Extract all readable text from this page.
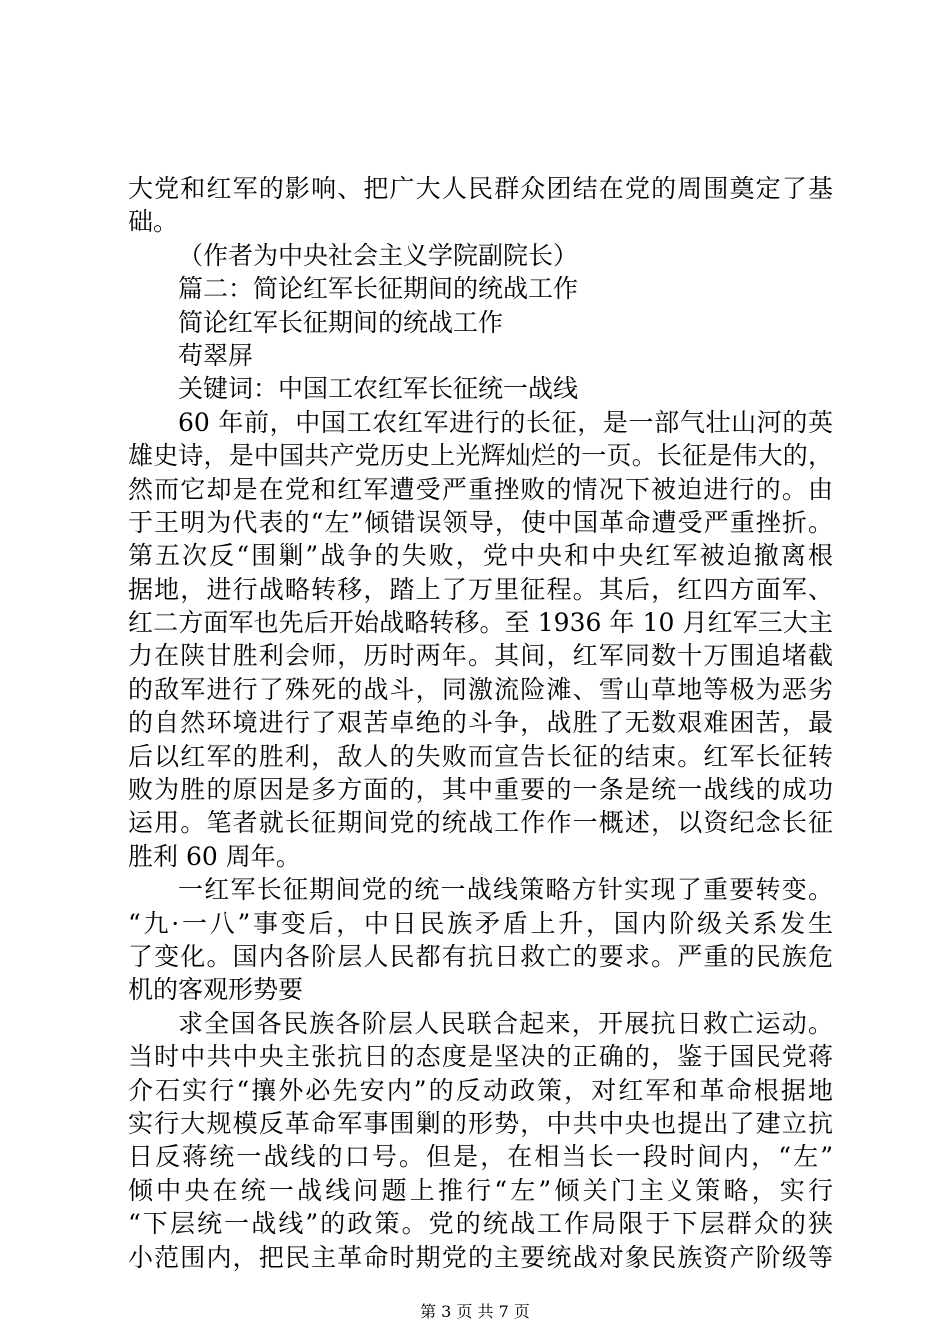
大党和红军的影响、把广大人民群众团结在党的周围奠定了基
础。
（作者为中央社会主义学院副院长）
篇二：简论红军长征期间的统战工作
简论红军长征期间的统战工作
苟翠屏
关键词：中国工农红军长征统一战线
60 年前，中国工农红军进行的长征，是一部气壮山河的英
雄史诗，是中国共产党历史上光辉灿烂的一页。长征是伟大的，
然而它却是在党和红军遭受严重挫败的情况下被迫进行的。由
于王明为代表的“左”倾错误领导，使中国革命遭受严重挫折。
第五次反“围剿”战争的失败，党中央和中央红军被迫撤离根
据地，进行战略转移，踏上了万里征程。其后，红四方面军、
红二方面军也先后开始战略转移。至 1936 年 10 月红军三大主
力在陕甘胜利会师，历时两年。其间，红军同数十万围追堵截
的敌军进行了殊死的战斗，同激流险滩、雪山草地等极为恶劣
的自然环境进行了艰苦卓绝的斗争，战胜了无数艰难困苦，最
后以红军的胜利，敌人的失败而宣告长征的结束。红军长征转
败为胜的原因是多方面的，其中重要的一条是统一战线的成功
运用。笔者就长征期间党的统战工作作一概述，以资纪念长征
胜利 60 周年。
一红军长征期间党的统一战线策略方针实现了重要转变。
“九·一八”事变后，中日民族矛盾上升，国内阶级关系发生
了变化。国内各阶层人民都有抗日救亡的要求。严重的民族危
机的客观形势要
求全国各民族各阶层人民联合起来，开展抗日救亡运动。
当时中共中央主张抗日的态度是坚决的正确的，鉴于国民党蒋
介石实行“攘外必先安内”的反动政策，对红军和革命根据地
实行大规模反革命军事围剿的形势，中共中央也提出了建立抗
日反蒋统一战线的口号。但是，在相当长一段时间内，“左”
倾中央在统一战线问题上推行“左”倾关门主义策略，实行
“下层统一战线”的政策。党的统战工作局限于下层群众的狭
小范围内，把民主革命时期党的主要统战对象民族资产阶级等
第 3 页 共 7 页
